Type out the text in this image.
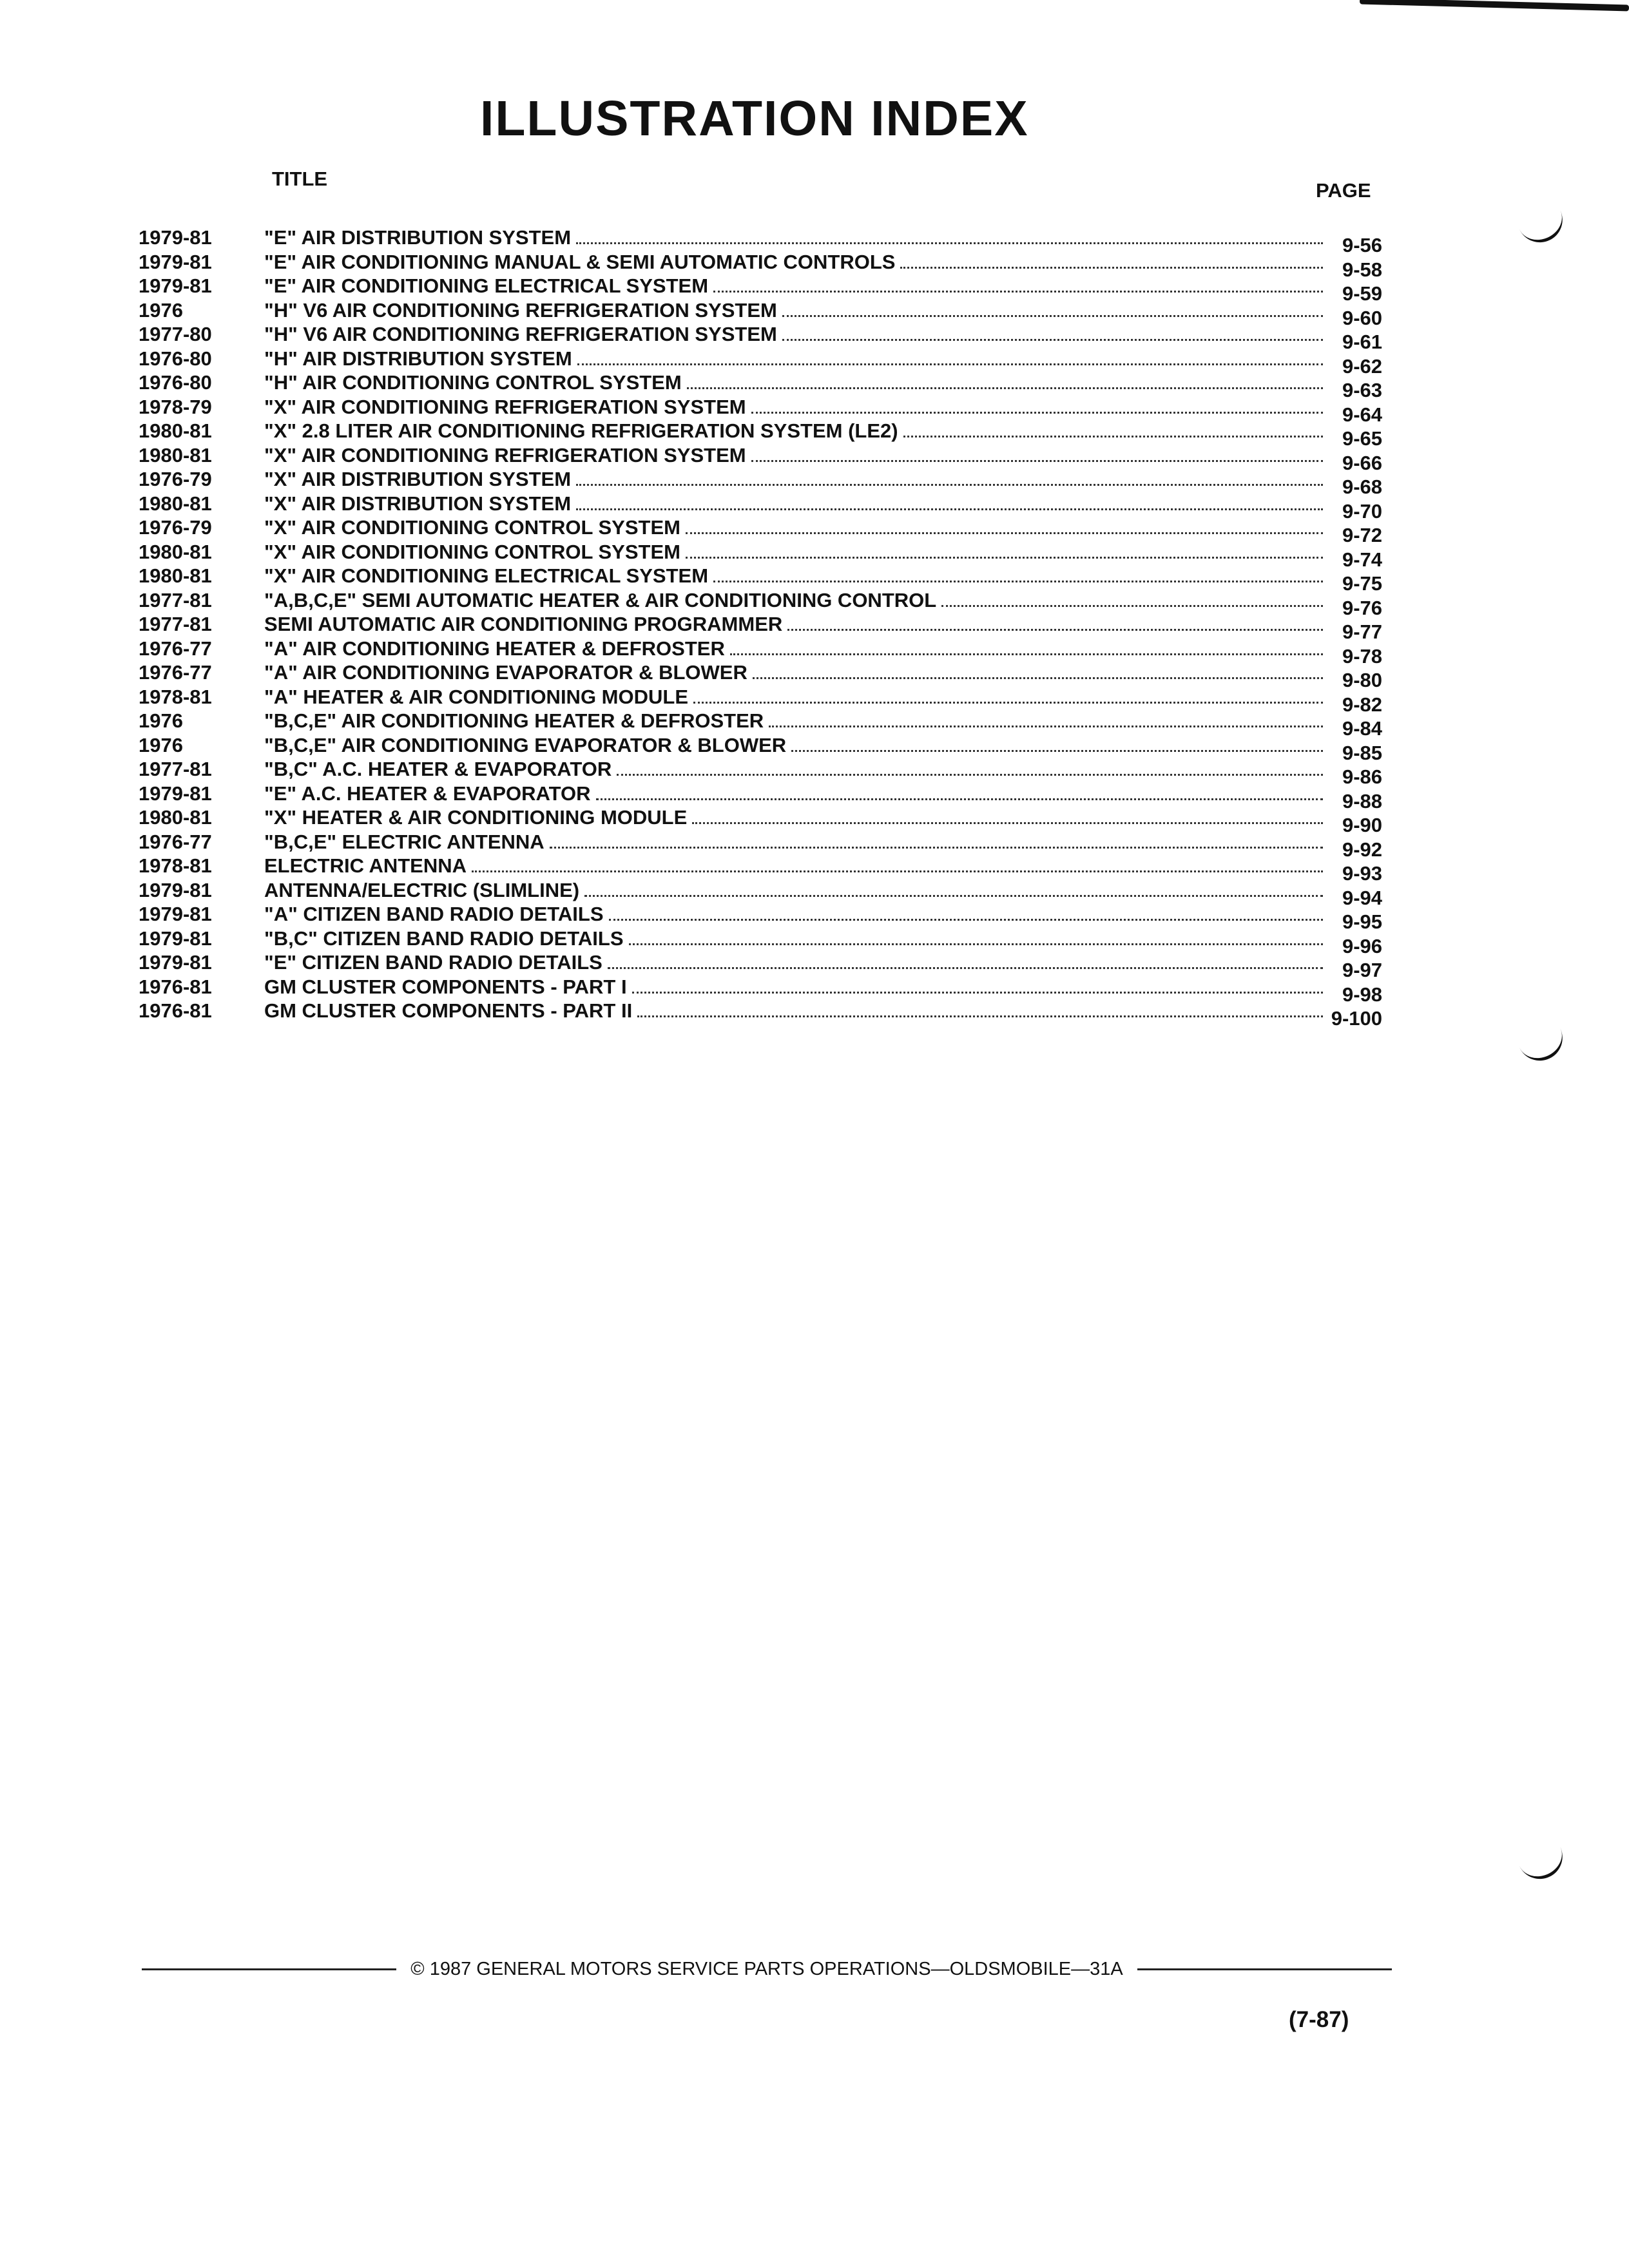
ILLUSTRATION INDEX
TITLE
PAGE
1979-81	"E" AIR DISTRIBUTION SYSTEM	9-56
1979-81	"E" AIR CONDITIONING MANUAL & SEMI AUTOMATIC CONTROLS	9-58
1979-81	"E" AIR CONDITIONING ELECTRICAL SYSTEM	9-59
1976	"H" V6 AIR CONDITIONING REFRIGERATION SYSTEM	9-60
1977-80	"H" V6 AIR CONDITIONING REFRIGERATION SYSTEM	9-61
1976-80	"H" AIR DISTRIBUTION SYSTEM	9-62
1976-80	"H" AIR CONDITIONING CONTROL SYSTEM	9-63
1978-79	"X" AIR CONDITIONING REFRIGERATION SYSTEM	9-64
1980-81	"X" 2.8 LITER AIR CONDITIONING REFRIGERATION SYSTEM (LE2)	9-65
1980-81	"X" AIR CONDITIONING REFRIGERATION SYSTEM	9-66
1976-79	"X" AIR DISTRIBUTION SYSTEM	9-68
1980-81	"X" AIR DISTRIBUTION SYSTEM	9-70
1976-79	"X" AIR CONDITIONING CONTROL SYSTEM	9-72
1980-81	"X" AIR CONDITIONING CONTROL SYSTEM	9-74
1980-81	"X" AIR CONDITIONING ELECTRICAL SYSTEM	9-75
1977-81	"A,B,C,E" SEMI AUTOMATIC HEATER & AIR CONDITIONING CONTROL	9-76
1977-81	SEMI AUTOMATIC AIR CONDITIONING PROGRAMMER	9-77
1976-77	"A" AIR CONDITIONING HEATER & DEFROSTER	9-78
1976-77	"A" AIR CONDITIONING EVAPORATOR & BLOWER	9-80
1978-81	"A" HEATER & AIR CONDITIONING MODULE	9-82
1976	"B,C,E" AIR CONDITIONING HEATER & DEFROSTER	9-84
1976	"B,C,E" AIR CONDITIONING EVAPORATOR & BLOWER	9-85
1977-81	"B,C" A.C. HEATER & EVAPORATOR	9-86
1979-81	"E" A.C. HEATER & EVAPORATOR	9-88
1980-81	"X" HEATER & AIR CONDITIONING MODULE	9-90
1976-77	"B,C,E" ELECTRIC ANTENNA	9-92
1978-81	ELECTRIC ANTENNA	9-93
1979-81	ANTENNA/ELECTRIC (SLIMLINE)	9-94
1979-81	"A" CITIZEN BAND RADIO DETAILS	9-95
1979-81	"B,C" CITIZEN BAND RADIO DETAILS	9-96
1979-81	"E" CITIZEN BAND RADIO DETAILS	9-97
1976-81	GM CLUSTER COMPONENTS - PART I	9-98
1976-81	GM CLUSTER COMPONENTS - PART II	9-100
© 1987 GENERAL MOTORS SERVICE PARTS OPERATIONS—OLDSMOBILE—31A
(7-87)
